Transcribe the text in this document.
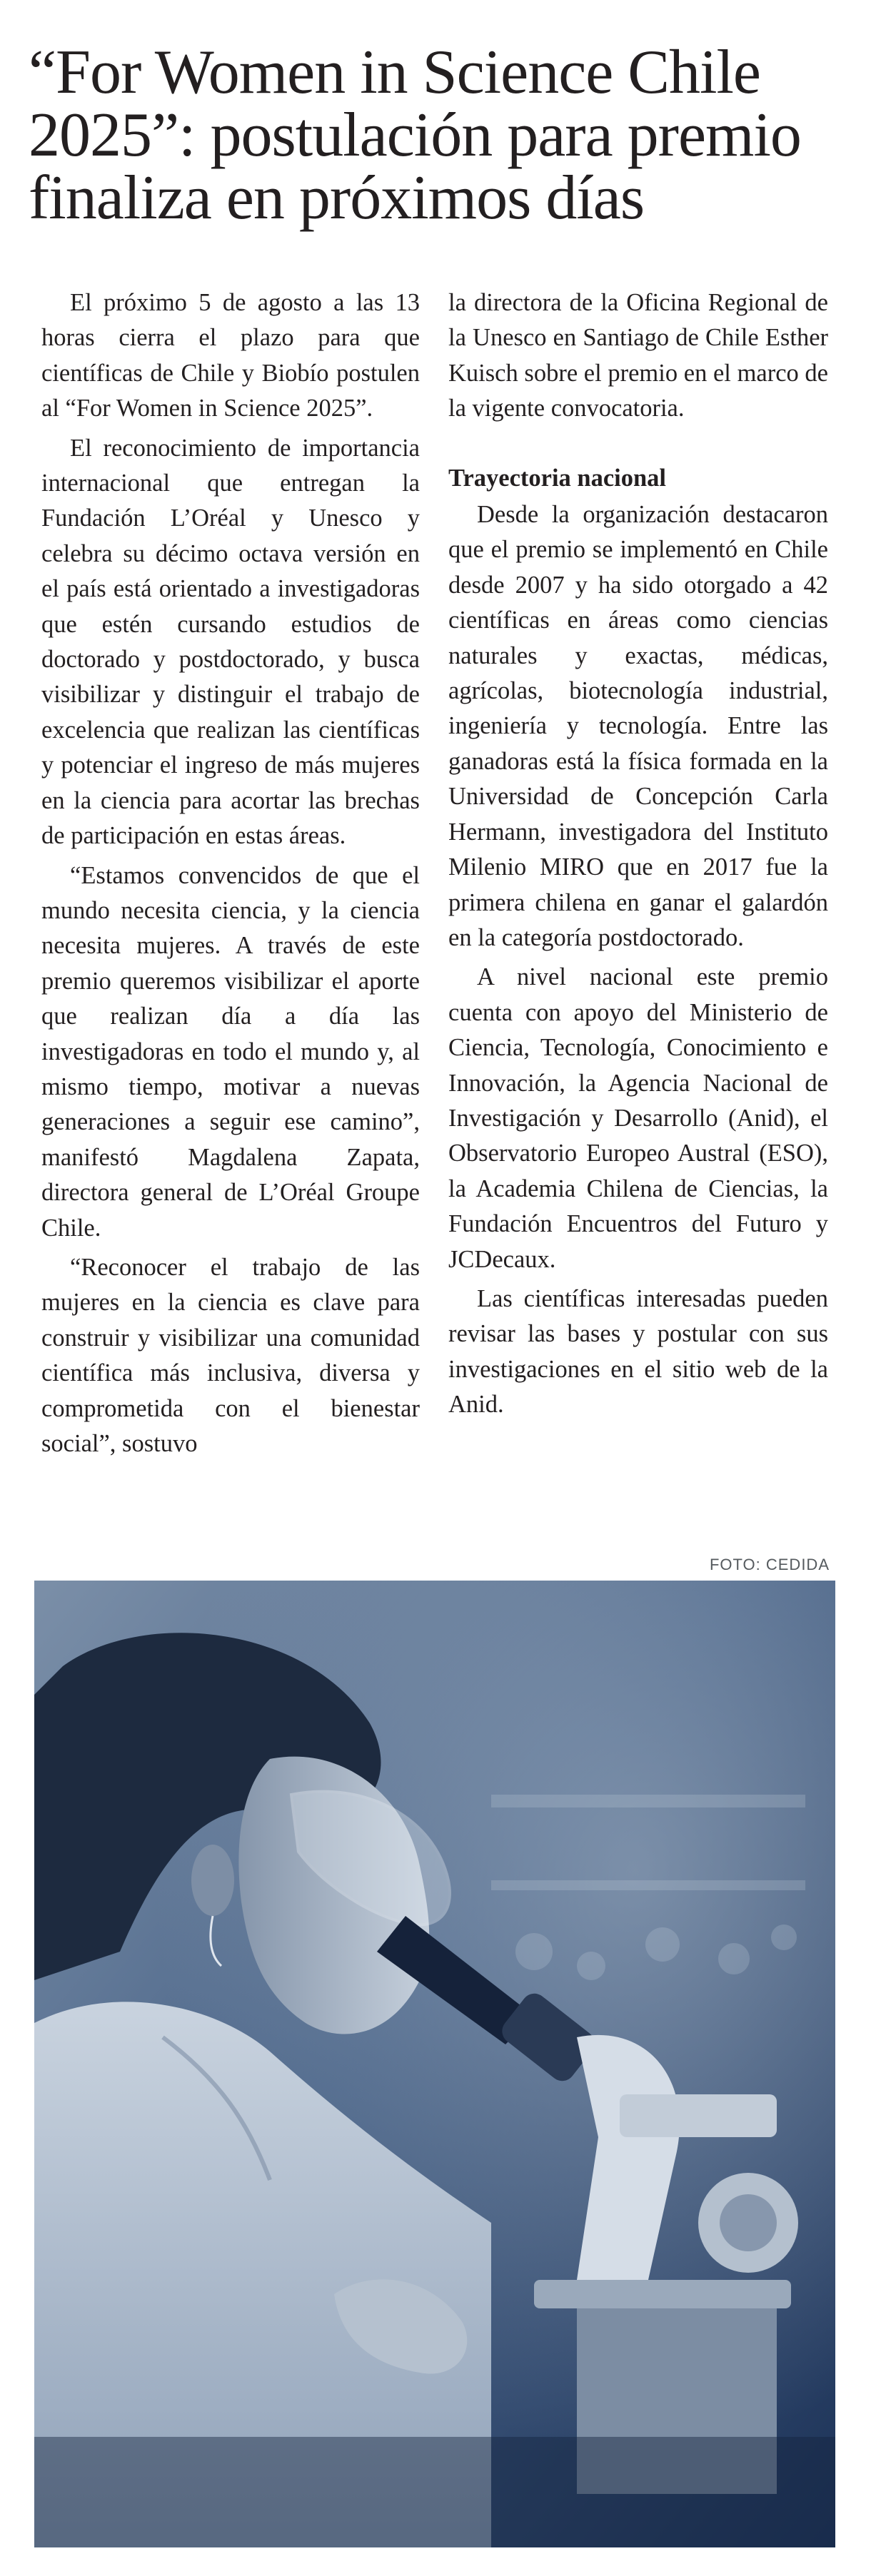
“For Women in Science Chile 2025”: postulación para premio finaliza en próximos días

El próximo 5 de agosto a las 13 horas cierra el plazo para que científicas de Chile y Biobío postulen al “For Women in Science 2025”.

El reconocimiento de importancia internacional que entregan la Fundación L’Oréal y Unesco y celebra su décimo octava versión en el país está orientado a investigadoras que estén cursando estudios de doctorado y postdoctorado, y busca visibilizar y distinguir el trabajo de excelencia que realizan las científicas y potenciar el ingreso de más mujeres en la ciencia para acortar las brechas de participación en estas áreas.

“Estamos convencidos de que el mundo necesita ciencia, y la ciencia necesita mujeres. A través de este premio queremos visibilizar el aporte que realizan día a día las investigadoras en todo el mundo y, al mismo tiempo, motivar a nuevas generaciones a seguir ese camino”, manifestó Magdalena Zapata, directora general de L’Oréal Groupe Chile.

“Reconocer el trabajo de las mujeres en la ciencia es clave para construir y visibilizar una comunidad científica más inclusiva, diversa y comprometida con el bienestar social”, sostuvo

la directora de la Oficina Regional de la Unesco en Santiago de Chile Esther Kuisch sobre el premio en el marco de la vigente convocatoria.

Trayectoria nacional

Desde la organización destacaron que el premio se implementó en Chile desde 2007 y ha sido otorgado a 42 científicas en áreas como ciencias naturales y exactas, médicas, agrícolas, biotecnología industrial, ingeniería y tecnología. Entre las ganadoras está la física formada en la Universidad de Concepción Carla Hermann, investigadora del Instituto Milenio MIRO que en 2017 fue la primera chilena en ganar el galardón en la categoría postdoctorado.

A nivel nacional este premio cuenta con apoyo del Ministerio de Ciencia, Tecnología, Conocimiento e Innovación, la Agencia Nacional de Investigación y Desarrollo (Anid), el Observatorio Europeo Austral (ESO), la Academia Chilena de Ciencias, la Fundación Encuentros del Futuro y JCDecaux.

Las científicas interesadas pueden revisar las bases y postular con sus investigaciones en el sitio web de la Anid.

FOTO: CEDIDA
